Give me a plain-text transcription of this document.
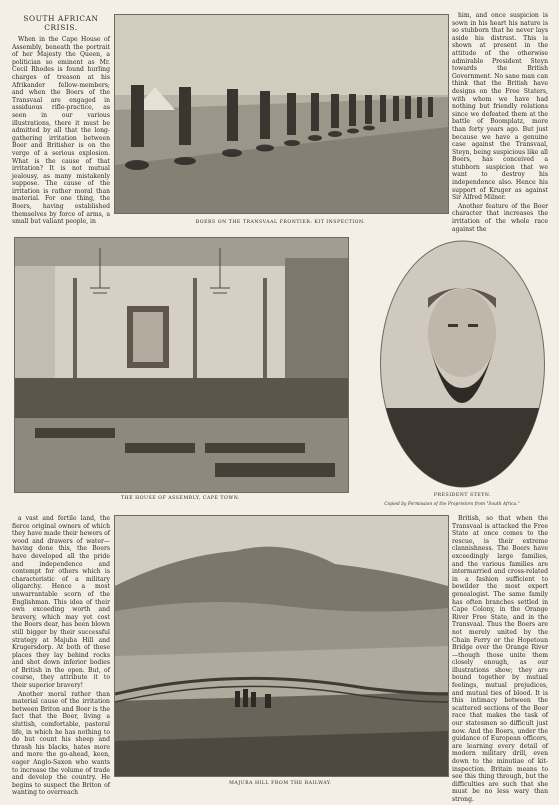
SOUTH AFRICAN CRISIS.

When in the Cape House of Assembly, beneath the portrait of her Majesty the Queen, a politician so eminent as Mr. Cecil Rhodes is found hurling charges of treason at his Afrikander fellow-members; and when the Boers of the Transvaal are engaged in assiduous rifle-practice, as seen in our various illustrations, there it must be admitted by all that the long-gathering irritation between Boer and Britisher is on the verge of a serious explosion. What is the cause of that irritation? It is not mutual jealousy, as many mistakenly suppose. The cause of the irritation is rather moral than material. For one thing, the Boers, having established themselves by force of arms, a small but valiant people, in	BOERS ON THE TRANSVAAL FRONTIER: KIT INSPECTION.

him, and once suspicion is sown in his heart his nature is so stubborn that he never lays aside his distrust. This is shown at present in the attitude of the otherwise admirable President Steyn towards the British Government. No sane man can think that the British have designs on the Free Staters, with whom we have had nothing but friendly relations since we defeated them at the battle of Boomplatz, more than forty years ago. But just because we have a genuine case against the Transvaal, Steyn, being suspicious like all Boers, has conceived a stubborn suspicion that we want to destroy his independence also. Hence his support of Kruger as against Sir Alfred Milner.

Another feature of the Boer character that increases the irritation of the whole race against the

THE HOUSE OF ASSEMBLY, CAPE TOWN.
PRESIDENT STEYN.
Copied by Permission of the Proprietors from "South Africa."

a vast and fertile land, the fierce original owners of which they have made their hewers of wood and drawers of water—having done this, the Boers have developed all the pride and independence and contempt for others which is characteristic of a military oligarchy. Hence a most unwarrantable scorn of the Englishman. This idea of their own exceeding worth and bravery, which may yet cost the Boers dear, has been blown still bigger by their successful strategy at Majuba Hill and Krugersdorp. At both of these places they lay behind rocks and shot down inferior bodies of British in the open. But, of course, they attribute it to their superior bravery!

Another moral rather than material cause of the irritation between Briton and Boer is the fact that the Boer, living a sluttish, comfortable, pastoral life, in which he has nothing to do but count his sheep and thrash his blacks, hates more and more the go-ahead, keen, eager Anglo-Saxon who wants to increase the volume of trade and develop the country. He begins to suspect the Briton of wanting to overreach

MAJUBA HILL FROM THE RAILWAY.

British, so that when the Transvaal is attacked the Free State at once comes to the rescue, is their extreme clannishness. The Boers have exceedingly large families, and the various families are intermarried and cross-related in a fashion sufficient to bewilder the most expert genealogist. The same family has often branches settled in Cape Colony, in the Orange River Free State, and in the Transvaal. Thus the Boers are not merely united by the Chain Ferry or the Hopetoun Bridge over the Orange River—though those unite them closely enough, as our illustrations show; they are bound together by mutual feelings, mutual prejudices, and mutual ties of blood. It is this intimacy between the scattered sections of the Boer race that makes the task of our statesmen so difficult just now. And the Boers, under the guidance of European officers, are learning every detail of modern military drill, even down to the minutiae of kit-inspection. Britain means to see this thing through, but the difficulties are such that she must be no less wary than strong.
